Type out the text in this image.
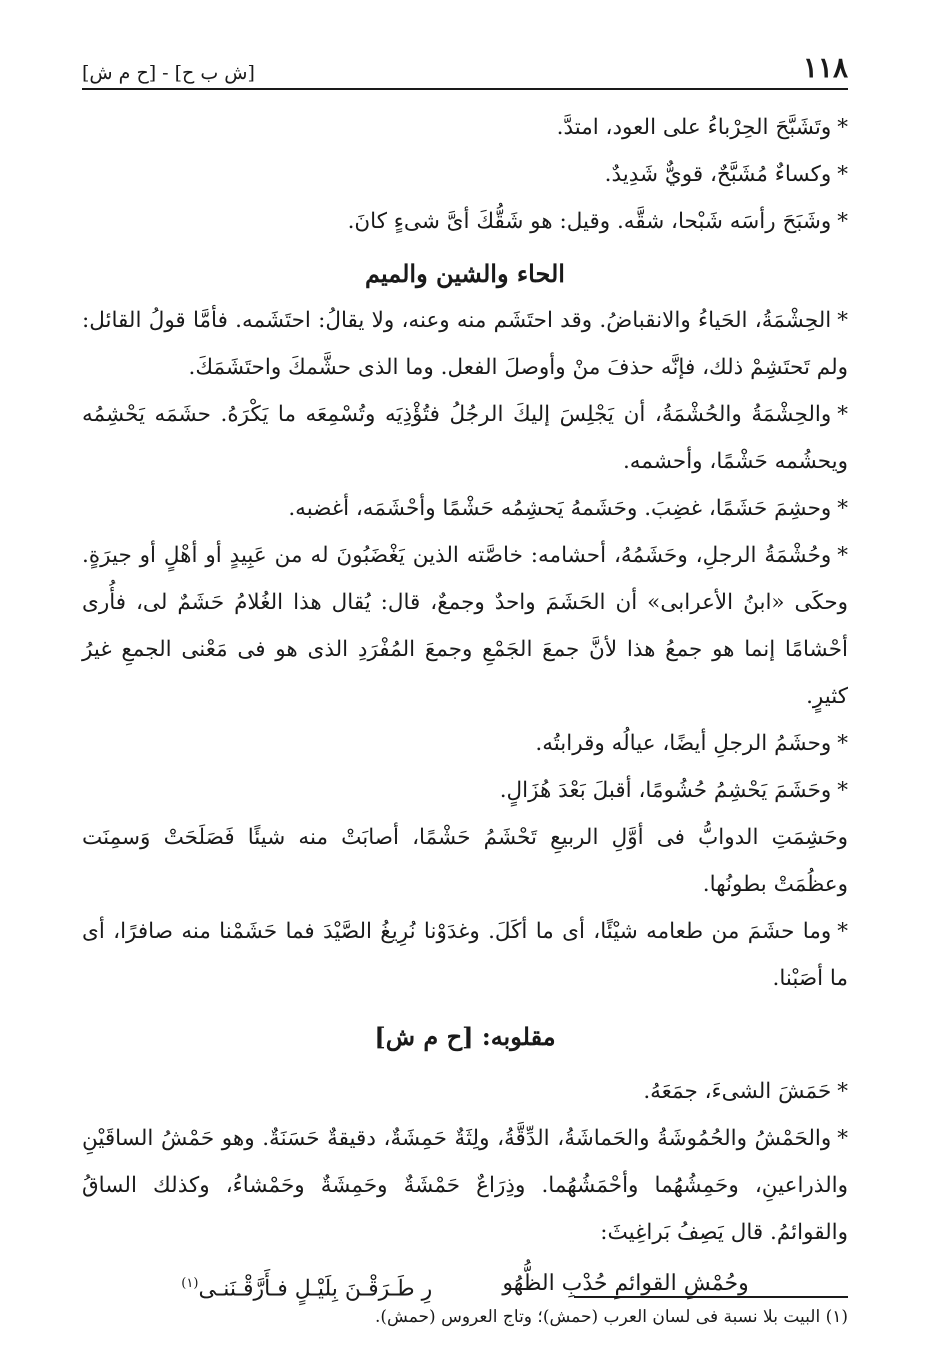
١١٨
[ش ب ح] - [ح م ش]

*وتَشَبَّحَ الحِرْباءُ على العود، امتدَّ.

*وكساءٌ مُشَبَّحٌ، قويٌّ شَدِيدٌ.

*وشَبَحَ رأسَه شَبْحا، شقَّه. وقيل: هو شَقُّكَ أىَّ شىءٍ كانَ.

الحاء والشين والميم

*الحِشْمَةُ، الحَياءُ والانقباضُ. وقد احتَشَم منه وعنه، ولا يقالُ: احتَشَمه. فأمَّا قولُ القائل: ولم تَحتَشِمْ ذلك، فإنَّه حذفَ منْ وأوصلَ الفعل. وما الذى حشَّمكَ واحتَشَمَكَ.

*والحِشْمَةُ والحُشْمَةُ، أن يَجْلِسَ إليكَ الرجُلُ فتُؤْذِيَه وتُسْمِعَه ما يَكْرَهُ. حشَمَه يَحْشِمُه ويحشُمه حَشْمًا، وأحشمه.

*وحشِمَ حَشَمًا، غضِبَ. وحَشَمهُ يَحشِمُه حَشْمًا وأحْشَمَه، أغضبه.

*وحُشْمَةُ الرجلِ، وحَشَمُهُ، أحشامه: خاصَّته الذين يَغْضَبُونَ له من عَبِيدٍ أو أهْلٍ أو جيرَةٍ. وحكَى «ابنُ الأعرابى» أن الحَشَمَ واحدٌ وجمعٌ، قال: يُقال هذا الغُلامُ حَشَمٌ لى، فأُرى أحْشامًا إنما هو جمعُ هذا لأنَّ جمعَ الجَمْعِ وجمعَ المُفْرَدِ الذى هو فى مَعْنى الجمعِ غيرُ كثيرٍ.

*وحشَمُ الرجلِ أيضًا، عيالُه وقرابتُه.

*وحَشَمَ يَحْشِمُ حُشُومًا، أقبلَ بَعْدَ هُزَالٍ.

وحَشِمَتِ الدوابُّ فى أوَّلِ الربيعِ تَحْشَمُ حَشْمًا، أصابَتْ منه شيئًا فَصَلَحَتْ وَسمِنَت وعظُمَتْ بطونُها.

*وما حشَمَ من طعامه شيْئًا، أى ما أكَلَ. وغدَوْنا نُرِيغُ الصَّيْدَ فما حَشَمْنا منه صافرًا، أى ما أصَبْنا.

مقلوبه: [ح م ش]

*حَمَشَ الشىءَ، جمَعَهُ.

*والحَمْشُ والحُمُوشَةُ والحَماشَةُ، الدِّقَّةُ، ولِثَةٌ حَمِشَةٌ، دقيقةٌ حَسَنَةٌ. وهو حَمْشُ الساقَيْنِ والذراعينِ، وحَمِشُهُما وأحْمَشُهُما. وذِرَاعٌ حَمْشَةٌ وحَمِشَةٌ وحَمْشاءُ، وكذلك الساقُ والقوائمُ. قال يَصِفُ بَراغِيثَ:

وحُمْشِ القوائمِ حُدْبِ الظُّهُو
رِ طَـرَقْـنَ بِلَيْـلٍ فـأَرَّقْـنَنـى$^{(١)}$
(١) البيت بلا نسبة فى لسان العرب (حمش)؛ وتاج العروس (حمش).
